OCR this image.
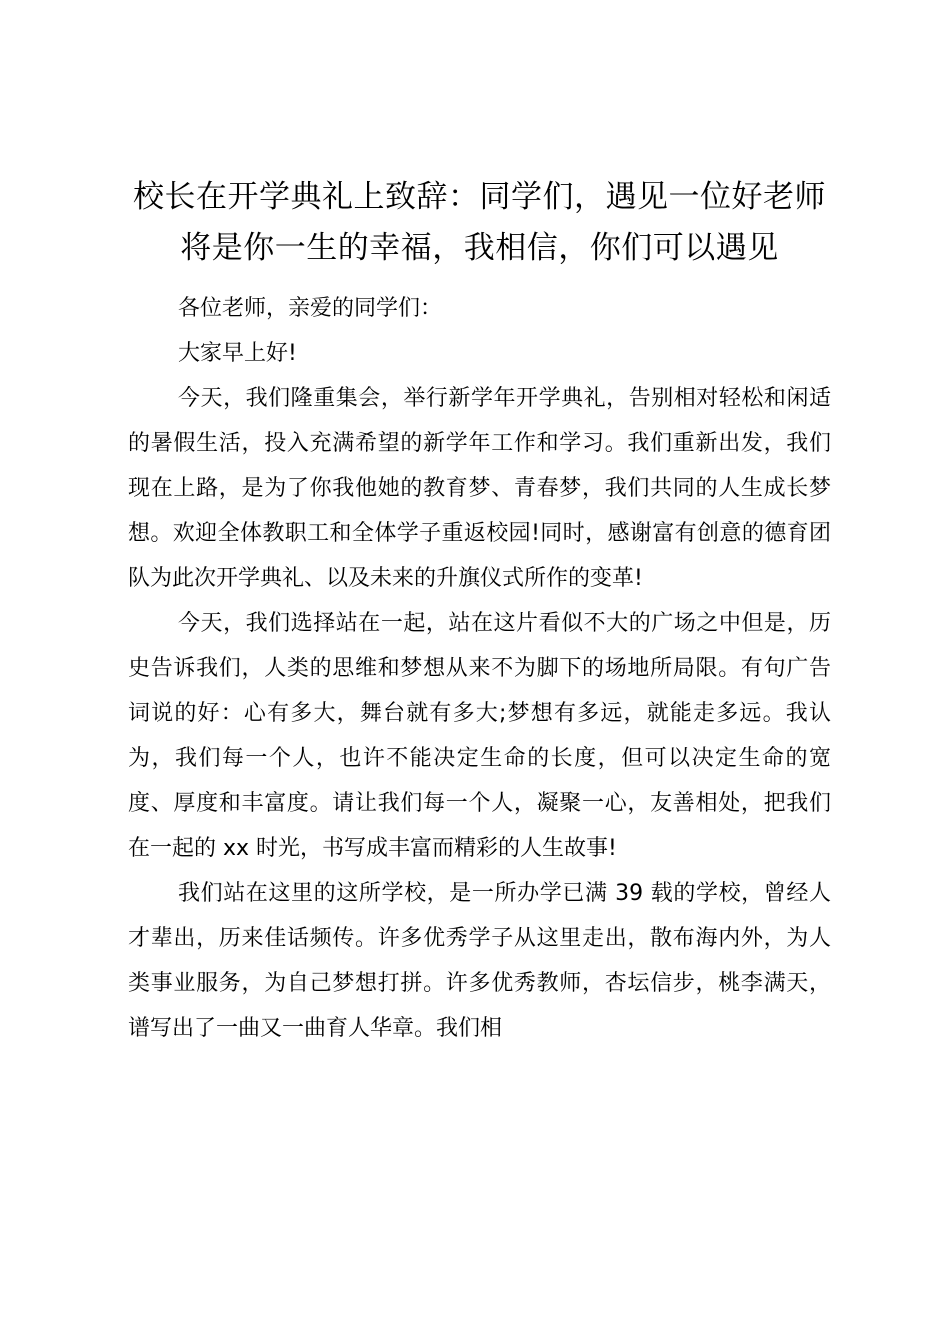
校长在开学典礼上致辞：同学们，遇见一位好老师将是你一生的幸福，我相信，你们可以遇见

各位老师，亲爱的同学们：

大家早上好!

今天，我们隆重集会，举行新学年开学典礼，告别相对轻松和闲适的暑假生活，投入充满希望的新学年工作和学习。我们重新出发，我们现在上路，是为了你我他她的教育梦、青春梦，我们共同的人生成长梦想。欢迎全体教职工和全体学子重返校园!同时，感谢富有创意的德育团队为此次开学典礼、以及未来的升旗仪式所作的变革!

今天，我们选择站在一起，站在这片看似不大的广场之中但是，历史告诉我们，人类的思维和梦想从来不为脚下的场地所局限。有句广告词说的好：心有多大，舞台就有多大;梦想有多远，就能走多远。我认为，我们每一个人，也许不能决定生命的长度，但可以决定生命的宽度、厚度和丰富度。请让我们每一个人，凝聚一心，友善相处，把我们在一起的 xx 时光，书写成丰富而精彩的人生故事!

我们站在这里的这所学校，是一所办学已满 39 载的学校，曾经人才辈出，历来佳话频传。许多优秀学子从这里走出，散布海内外，为人类事业服务，为自己梦想打拼。许多优秀教师，杏坛信步，桃李满天，谱写出了一曲又一曲育人华章。我们相
